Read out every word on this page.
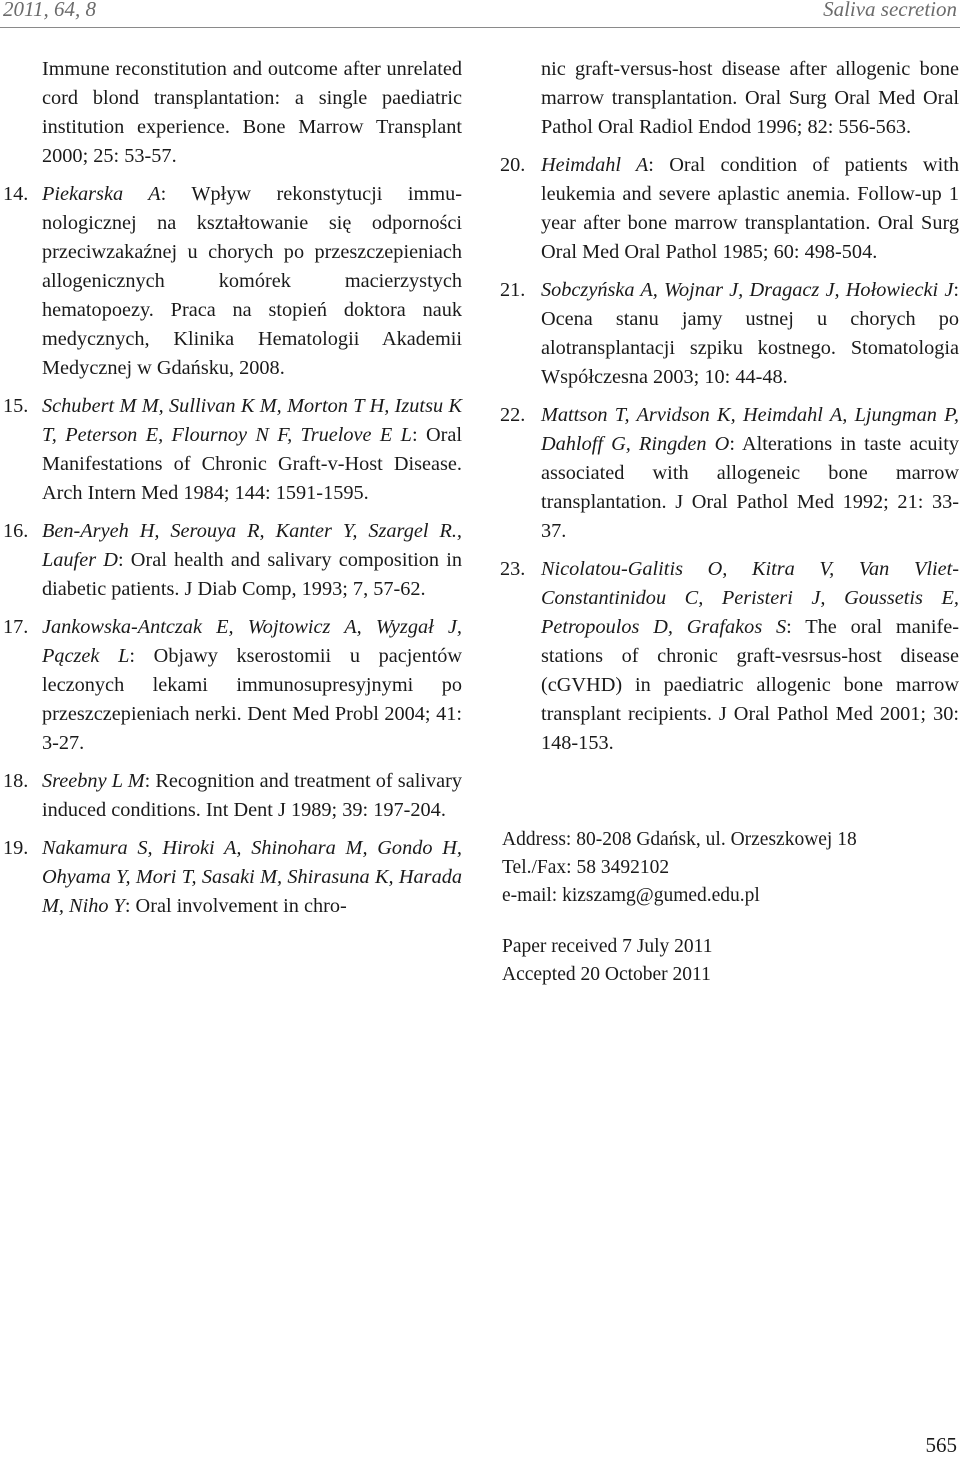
2011, 64, 8	Saliva secretion
Immune reconstitution and outcome after unrelated cord blond transplantation: a single paediatric institution experience. Bone Marrow Transplant 2000; 25: 53-57.
14. Piekarska A: Wpływ rekonstytucji immunologicznej na kształtowanie się odporności przeciwzakaźnej u chorych po przeszczepieniach allogenicznych komórek macierzystych hematopoezy. Praca na stopień doktora nauk medycznych, Klinika Hematologii Akademii Medycznej w Gdańsku, 2008.
15. Schubert M M, Sullivan K M, Morton T H, Izutsu K T, Peterson E, Flournoy N F, Truelove E L: Oral Manifestations of Chronic Graft-v-Host Disease. Arch Intern Med 1984; 144: 1591-1595.
16. Ben-Aryeh H, Serouya R, Kanter Y, Szargel R., Laufer D: Oral health and salivary composition in diabetic patients. J Diab Comp, 1993; 7, 57-62.
17. Jankowska-Antczak E, Wojtowicz A, Wyzgał J, Pączek L: Objawy kserostomii u pacjentów leczonych lekami immunosupresyjnymi po przeszczepieniach nerki. Dent Med Probl 2004; 41: 3-27.
18. Sreebny L M: Recognition and treatment of salivary induced conditions. Int Dent J 1989; 39: 197-204.
19. Nakamura S, Hiroki A, Shinohara M, Gondo H, Ohyama Y, Mori T, Sasaki M, Shirasuna K, Harada M, Niho Y: Oral involvement in chro-
nic graft-versus-host disease after allogenic bone marrow transplantation. Oral Surg Oral Med Oral Pathol Oral Radiol Endod 1996; 82: 556-563.
20. Heimdahl A: Oral condition of patients with leukemia and severe aplastic anemia. Follow-up 1 year after bone marrow transplantation. Oral Surg Oral Med Oral Pathol 1985; 60: 498-504.
21. Sobczyńska A, Wojnar J, Dragacz J, Hołowiecki J: Ocena stanu jamy ustnej u chorych po alotransplantacji szpiku kostnego. Stomatologia Współczesna 2003; 10: 44-48.
22. Mattson T, Arvidson K, Heimdahl A, Ljungman P, Dahloff G, Ringden O: Alterations in taste acuity associated with allogeneic bone marrow transplantation. J Oral Pathol Med 1992; 21: 33-37.
23. Nicolatou-Galitis O, Kitra V, Van Vliet-Constantinidou C, Peristeri J, Goussetis E, Petropoulos D, Grafakos S: The oral manifestations of chronic graft-vesrsus-host disease (cGVHD) in paediatric allogenic bone marrow transplant recipients. J Oral Pathol Med 2001; 30: 148-153.
Address: 80-208 Gdańsk, ul. Orzeszkowej 18
Tel./Fax: 58 3492102
e-mail: kizszamg@gumed.edu.pl
Paper received 7 July 2011
Accepted 20 October 2011
565
